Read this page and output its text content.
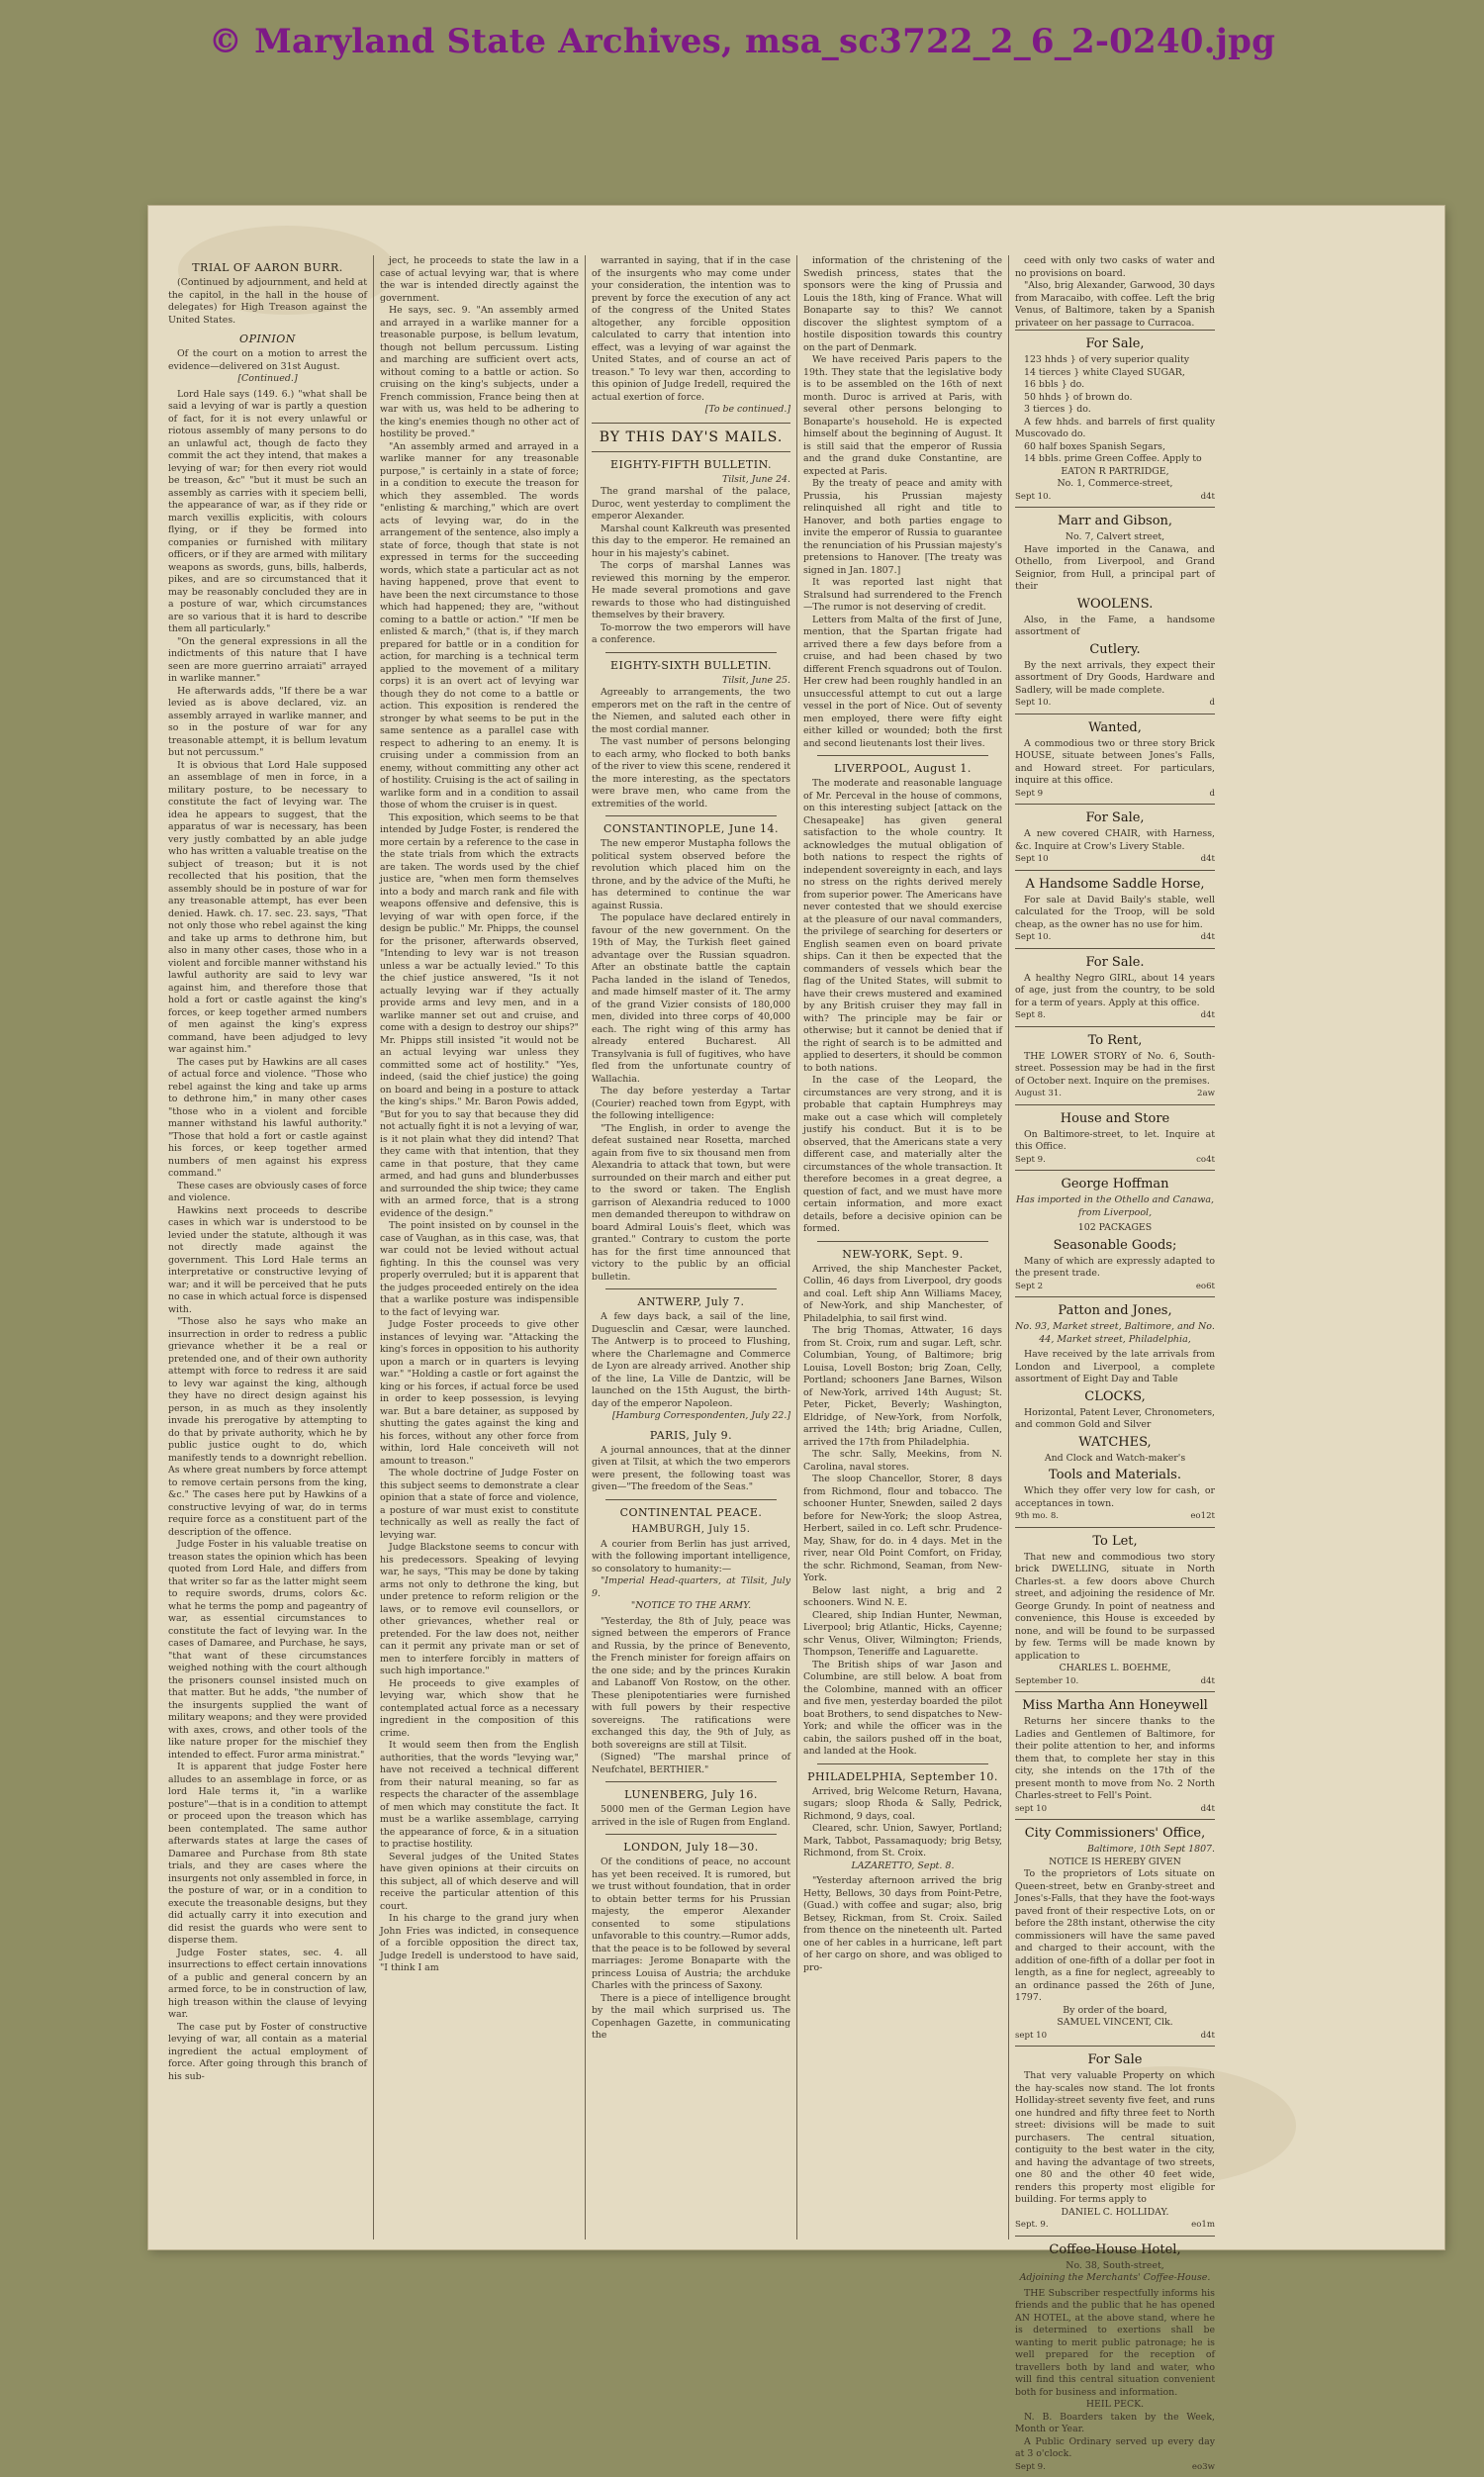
© Maryland State Archives, msa_sc3722_2_6_2-0240.jpg

TRIAL OF AARON BURR.

(Continued by adjournment, and held at the capitol, in the hall in the house of delegates) for High Treason against the United States.

OPINION

Of the court on a motion to arrest the evidence—delivered on 31st August.

[Continued.]

Lord Hale says (149. 6.) "what shall be said a levying of war is partly a question of fact, for it is not every unlawful or riotous assembly of many persons to do an unlawful act, though de facto they commit the act they intend, that makes a levying of war; for then every riot would be treason, &c" "but it must be such an assembly as carries with it speciem belli, the appearance of war, as if they ride or march vexillis explicitis, with colours flying, or if they be formed into companies or furnished with military officers, or if they are armed with military weapons as swords, guns, bills, halberds, pikes, and are so circumstanced that it may be reasonably concluded they are in a posture of war, which circumstances are so various that it is hard to describe them all particularly."

"On the general expressions in all the indictments of this nature that I have seen are more guerrino arraiati" arrayed in warlike manner."

He afterwards adds, "If there be a war levied as is above declared, viz. an assembly arrayed in warlike manner, and so in the posture of war for any treasonable attempt, it is bellum levatum but not percussum."

It is obvious that Lord Hale supposed an assemblage of men in force, in a military posture, to be necessary to constitute the fact of levying war. The idea he appears to suggest, that the apparatus of war is necessary, has been very justly combatted by an able judge who has written a valuable treatise on the subject of treason; but it is not recollected that his position, that the assembly should be in posture of war for any treasonable attempt, has ever been denied. Hawk. ch. 17. sec. 23. says, "That not only those who rebel against the king and take up arms to dethrone him, but also in many other cases, those who in a violent and forcible manner withstand his lawful authority are said to levy war against him, and therefore those that hold a fort or castle against the king's forces, or keep together armed numbers of men against the king's express command, have been adjudged to levy war against him."

The cases put by Hawkins are all cases of actual force and violence. "Those who rebel against the king and take up arms to dethrone him," in many other cases "those who in a violent and forcible manner withstand his lawful authority." "Those that hold a fort or castle against his forces, or keep together armed numbers of men against his express command."

These cases are obviously cases of force and violence.

Hawkins next proceeds to describe cases in which war is understood to be levied under the statute, although it was not directly made against the government. This Lord Hale terms an interpretative or constructive levying of war; and it will be perceived that he puts no case in which actual force is dispensed with.

"Those also he says who make an insurrection in order to redress a public grievance whether it be a real or pretended one, and of their own authority attempt with force to redress it are said to levy war against the king, although they have no direct design against his person, in as much as they insolently invade his prerogative by attempting to do that by private authority, which he by public justice ought to do, which manifestly tends to a downright rebellion. As where great numbers by force attempt to remove certain persons from the king, &c." The cases here put by Hawkins of a constructive levying of war, do in terms require force as a constituent part of the description of the offence.

Judge Foster in his valuable treatise on treason states the opinion which has been quoted from Lord Hale, and differs from that writer so far as the latter might seem to require swords, drums, colors &c. what he terms the pomp and pageantry of war, as essential circumstances to constitute the fact of levying war. In the cases of Damaree, and Purchase, he says, "that want of these circumstances weighed nothing with the court although the prisoners counsel insisted much on that matter. But he adds, "the number of the insurgents supplied the want of military weapons; and they were provided with axes, crows, and other tools of the like nature proper for the mischief they intended to effect. Furor arma ministrat."

It is apparent that judge Foster here alludes to an assemblage in force, or as lord Hale terms it, "in a warlike posture"—that is in a condition to attempt or proceed upon the treason which has been contemplated. The same author afterwards states at large the cases of Damaree and Purchase from 8th state trials, and they are cases where the insurgents not only assembled in force, in the posture of war, or in a condition to execute the treasonable designs, but they did actually carry it into execution and did resist the guards who were sent to disperse them.

Judge Foster states, sec. 4. all insurrections to effect certain innovations of a public and general concern by an armed force, to be in construction of law, high treason within the clause of levying war.

The case put by Foster of constructive levying of war, all contain as a material ingredient the actual employment of force. After going through this branch of his sub-

ject, he proceeds to state the law in a case of actual levying war, that is where the war is intended directly against the government.

He says, sec. 9. "An assembly armed and arrayed in a warlike manner for a treasonable purpose, is bellum levatum, though not bellum percussum. Listing and marching are sufficient overt acts, without coming to a battle or action. So cruising on the king's subjects, under a French commission, France being then at war with us, was held to be adhering to the king's enemies though no other act of hostility be proved."

"An assembly armed and arrayed in a warlike manner for any treasonable purpose," is certainly in a state of force; in a condition to execute the treason for which they assembled. The words "enlisting & marching," which are overt acts of levying war, do in the arrangement of the sentence, also imply a state of force, though that state is not expressed in terms for the succeeding words, which state a particular act as not having happened, prove that event to have been the next circumstance to those which had happened; they are, "without coming to a battle or action." "If men be enlisted & march," (that is, if they march prepared for battle or in a condition for action, for marching is a technical term applied to the movement of a military corps) it is an overt act of levying war though they do not come to a battle or action. This exposition is rendered the stronger by what seems to be put in the same sentence as a parallel case with respect to adhering to an enemy. It is cruising under a commission from an enemy, without committing any other act of hostility. Cruising is the act of sailing in warlike form and in a condition to assail those of whom the cruiser is in quest.

This exposition, which seems to be that intended by Judge Foster, is rendered the more certain by a reference to the case in the state trials from which the extracts are taken. The words used by the chief justice are, "when men form themselves into a body and march rank and file with weapons offensive and defensive, this is levying of war with open force, if the design be public." Mr. Phipps, the counsel for the prisoner, afterwards observed, "Intending to levy war is not treason unless a war be actually levied." To this the chief justice answered, "Is it not actually levying war if they actually provide arms and levy men, and in a warlike manner set out and cruise, and come with a design to destroy our ships?" Mr. Phipps still insisted "it would not be an actual levying war unless they committed some act of hostility." "Yes, indeed, (said the chief justice) the going on board and being in a posture to attack the king's ships." Mr. Baron Powis added, "But for you to say that because they did not actually fight it is not a levying of war, is it not plain what they did intend? That they came with that intention, that they came in that posture, that they came armed, and had guns and blunderbusses and surrounded the ship twice; they came with an armed force, that is a strong evidence of the design."

The point insisted on by counsel in the case of Vaughan, as in this case, was, that war could not be levied without actual fighting. In this the counsel was very properly overruled; but it is apparent that the judges proceeded entirely on the idea that a warlike posture was indispensible to the fact of levying war.

Judge Foster proceeds to give other instances of levying war. "Attacking the king's forces in opposition to his authority upon a march or in quarters is levying war." "Holding a castle or fort against the king or his forces, if actual force be used in order to keep possession, is levying war. But a bare detainer, as supposed by shutting the gates against the king and his forces, without any other force from within, lord Hale conceiveth will not amount to treason."

The whole doctrine of Judge Foster on this subject seems to demonstrate a clear opinion that a state of force and violence, a posture of war must exist to constitute technically as well as really the fact of levying war.

Judge Blackstone seems to concur with his predecessors. Speaking of levying war, he says, "This may be done by taking arms not only to dethrone the king, but under pretence to reform religion or the laws, or to remove evil counsellors, or other grievances, whether real or pretended. For the law does not, neither can it permit any private man or set of men to interfere forcibly in matters of such high importance."

He proceeds to give examples of levying war, which show that he contemplated actual force as a necessary ingredient in the composition of this crime.

It would seem then from the English authorities, that the words "levying war," have not received a technical different from their natural meaning, so far as respects the character of the assemblage of men which may constitute the fact. It must be a warlike assemblage, carrying the appearance of force, & in a situation to practise hostility.

Several judges of the United States have given opinions at their circuits on this subject, all of which deserve and will receive the particular attention of this court.

In his charge to the grand jury when John Fries was indicted, in consequence of a forcible opposition the direct tax, Judge Iredell is understood to have said, "I think I am

warranted in saying, that if in the case of the insurgents who may come under your consideration, the intention was to prevent by force the execution of any act of the congress of the United States altogether, any forcible opposition calculated to carry that intention into effect, was a levying of war against the United States, and of course an act of treason." To levy war then, according to this opinion of Judge Iredell, required the actual exertion of force.

[To be continued.]

BY THIS DAY'S MAILS.

EIGHTY-FIFTH BULLETIN.

Tilsit, June 24.

The grand marshal of the palace, Duroc, went yesterday to compliment the emperor Alexander.

Marshal count Kalkreuth was presented this day to the emperor. He remained an hour in his majesty's cabinet.

The corps of marshal Lannes was reviewed this morning by the emperor. He made several promotions and gave rewards to those who had distinguished themselves by their bravery.

To-morrow the two emperors will have a conference.

EIGHTY-SIXTH BULLETIN.

Tilsit, June 25.

Agreeably to arrangements, the two emperors met on the raft in the centre of the Niemen, and saluted each other in the most cordial manner.

The vast number of persons belonging to each army, who flocked to both banks of the river to view this scene, rendered it the more interesting, as the spectators were brave men, who came from the extremities of the world.

CONSTANTINOPLE, June 14.

The new emperor Mustapha follows the political system observed before the revolution which placed him on the throne, and by the advice of the Mufti, he has determined to continue the war against Russia.

The populace have declared entirely in favour of the new government. On the 19th of May, the Turkish fleet gained advantage over the Russian squadron. After an obstinate battle the captain Pacha landed in the island of Tenedos, and made himself master of it. The army of the grand Vizier consists of 180,000 men, divided into three corps of 40,000 each. The right wing of this army has already entered Bucharest. All Transylvania is full of fugitives, who have fled from the unfortunate country of Wallachia.

The day before yesterday a Tartar (Courier) reached town from Egypt, with the following intelligence:

"The English, in order to avenge the defeat sustained near Rosetta, marched again from five to six thousand men from Alexandria to attack that town, but were surrounded on their march and either put to the sword or taken. The English garrison of Alexandria reduced to 1000 men demanded thereupon to withdraw on board Admiral Louis's fleet, which was granted." Contrary to custom the porte has for the first time announced that victory to the public by an official bulletin.

ANTWERP, July 7.

A few days back, a sail of the line, Duguesclin and Cæsar, were launched. The Antwerp is to proceed to Flushing, where the Charlemagne and Commerce de Lyon are already arrived. Another ship of the line, La Ville de Dantzic, will be launched on the 15th August, the birth-day of the emperor Napoleon.

[Hamburg Correspondenten, July 22.]

PARIS, July 9.

A journal announces, that at the dinner given at Tilsit, at which the two emperors were present, the following toast was given—"The freedom of the Seas."

CONTINENTAL PEACE.

HAMBURGH, July 15.

A courier from Berlin has just arrived, with the following important intelligence, so consolatory to humanity:—

"Imperial Head-quarters, at Tilsit, July 9.

"NOTICE TO THE ARMY.

"Yesterday, the 8th of July, peace was signed between the emperors of France and Russia, by the prince of Benevento, the French minister for foreign affairs on the one side; and by the princes Kurakin and Labanoff Von Rostow, on the other. These plenipotentiaries were furnished with full powers by their respective sovereigns. The ratifications were exchanged this day, the 9th of July, as both sovereigns are still at Tilsit.

(Signed) "The marshal prince of Neufchatel, BERTHIER."

LUNENBERG, July 16.

5000 men of the German Legion have arrived in the isle of Rugen from England.

LONDON, July 18—30.

Of the conditions of peace, no account has yet been received. It is rumored, but we trust without foundation, that in order to obtain better terms for his Prussian majesty, the emperor Alexander consented to some stipulations unfavorable to this country.—Rumor adds, that the peace is to be followed by several marriages: Jerome Bonaparte with the princess Louisa of Austria; the archduke Charles with the princess of Saxony.

There is a piece of intelligence brought by the mail which surprised us. The Copenhagen Gazette, in communicating the

information of the christening of the Swedish princess, states that the sponsors were the king of Prussia and Louis the 18th, king of France. What will Bonaparte say to this? We cannot discover the slightest symptom of a hostile disposition towards this country on the part of Denmark.

We have received Paris papers to the 19th. They state that the legislative body is to be assembled on the 16th of next month. Duroc is arrived at Paris, with several other persons belonging to Bonaparte's household. He is expected himself about the beginning of August. It is still said that the emperor of Russia and the grand duke Constantine, are expected at Paris.

By the treaty of peace and amity with Prussia, his Prussian majesty relinquished all right and title to Hanover, and both parties engage to invite the emperor of Russia to guarantee the renunciation of his Prussian majesty's pretensions to Hanover. [The treaty was signed in Jan. 1807.]

It was reported last night that Stralsund had surrendered to the French—The rumor is not deserving of credit.

Letters from Malta of the first of June, mention, that the Spartan frigate had arrived there a few days before from a cruise, and had been chased by two different French squadrons out of Toulon. Her crew had been roughly handled in an unsuccessful attempt to cut out a large vessel in the port of Nice. Out of seventy men employed, there were fifty eight either killed or wounded; both the first and second lieutenants lost their lives.

LIVERPOOL, August 1.

The moderate and reasonable language of Mr. Perceval in the house of commons, on this interesting subject [attack on the Chesapeake] has given general satisfaction to the whole country. It acknowledges the mutual obligation of both nations to respect the rights of independent sovereignty in each, and lays no stress on the rights derived merely from superior power. The Americans have never contested that we should exercise at the pleasure of our naval commanders, the privilege of searching for deserters or English seamen even on board private ships. Can it then be expected that the commanders of vessels which bear the flag of the United States, will submit to have their crews mustered and examined by any British cruiser they may fall in with? The principle may be fair or otherwise; but it cannot be denied that if the right of search is to be admitted and applied to deserters, it should be common to both nations.

In the case of the Leopard, the circumstances are very strong, and it is probable that captain Humphreys may make out a case which will completely justify his conduct. But it is to be observed, that the Americans state a very different case, and materially alter the circumstances of the whole transaction. It therefore becomes in a great degree, a question of fact, and we must have more certain information, and more exact details, before a decisive opinion can be formed.

NEW-YORK, Sept. 9.

Arrived, the ship Manchester Packet, Collin, 46 days from Liverpool, dry goods and coal. Left ship Ann Williams Macey, of New-York, and ship Manchester, of Philadelphia, to sail first wind.

The brig Thomas, Attwater, 16 days from St. Croix, rum and sugar. Left, schr. Columbian, Young, of Baltimore; brig Louisa, Lovell Boston; brig Zoan, Celly, Portland; schooners Jane Barnes, Wilson of New-York, arrived 14th August; St. Peter, Picket, Beverly; Washington, Eldridge, of New-York, from Norfolk, arrived the 14th; brig Ariadne, Cullen, arrived the 17th from Philadelphia.

The schr. Sally, Meekins, from N. Carolina, naval stores.

The sloop Chancellor, Storer, 8 days from Richmond, flour and tobacco. The schooner Hunter, Snewden, sailed 2 days before for New-York; the sloop Astrea, Herbert, sailed in co. Left schr. Prudence-May, Shaw, for do. in 4 days. Met in the river, near Old Point Comfort, on Friday, the schr. Richmond, Seaman, from New-York.

Below last night, a brig and 2 schooners. Wind N. E.

Cleared, ship Indian Hunter, Newman, Liverpool; brig Atlantic, Hicks, Cayenne; schr Venus, Oliver, Wilmington; Friends, Thompson, Teneriffe and Laguarette.

The British ships of war Jason and Columbine, are still below. A boat from the Colombine, manned with an officer and five men, yesterday boarded the pilot boat Brothers, to send dispatches to New-York; and while the officer was in the cabin, the sailors pushed off in the boat, and landed at the Hook.

PHILADELPHIA, September 10.

Arrived, brig Welcome Return, Havana, sugars; sloop Rhoda & Sally, Pedrick, Richmond, 9 days, coal.

Cleared, schr. Union, Sawyer, Portland; Mark, Tabbot, Passamaquody; brig Betsy, Richmond, from St. Croix.

LAZARETTO, Sept. 8.

"Yesterday afternoon arrived the brig Hetty, Bellows, 30 days from Point-Petre, (Guad.) with coffee and sugar; also, brig Betsey, Rickman, from St. Croix. Sailed from thence on the nineteenth ult. Parted one of her cables in a hurricane, left part of her cargo on shore, and was obliged to pro-

ceed with only two casks of water and no provisions on board.

"Also, brig Alexander, Garwood, 30 days from Maracaibo, with coffee. Left the brig Venus, of Baltimore, taken by a Spanish privateer on her passage to Curracoa.

For Sale,

123 hhds } of very superior quality

14 tierces } white Clayed SUGAR,

16 bbls } do.

50 hhds } of brown do.

3 tierces } do.

A few hhds. and barrels of first quality Muscovado do.

60 half boxes Spanish Segars,

14 bbls. prime Green Coffee. Apply to

EATON R PARTRIDGE,

No. 1, Commerce-street,

Sept 10.	d4t

Marr and Gibson,

No. 7, Calvert street,

Have imported in the Canawa, and Othello, from Liverpool, and Grand Seignior, from Hull, a principal part of their

WOOLENS.

Also, in the Fame, a handsome assortment of

Cutlery.

By the next arrivals, they expect their assortment of Dry Goods, Hardware and Sadlery, will be made complete.

Sept 10.	d

Wanted,

A commodious two or three story Brick HOUSE, situate between Jones's Falls, and Howard street. For particulars, inquire at this office.

Sept 9	d

For Sale,

A new covered CHAIR, with Harness, &c. Inquire at Crow's Livery Stable.

Sept 10	d4t

A Handsome Saddle Horse,

For sale at David Baily's stable, well calculated for the Troop, will be sold cheap, as the owner has no use for him.

Sept 10.	d4t

For Sale.

A healthy Negro GIRL, about 14 years of age, just from the country, to be sold for a term of years. Apply at this office.

Sept 8.	d4t

To Rent,

THE LOWER STORY of No. 6, South-street. Possession may be had in the first of October next. Inquire on the premises.

August 31.	2aw

House and Store

On Baltimore-street, to let. Inquire at this Office.

Sept 9.	co4t

George Hoffman

Has imported in the Othello and Canawa, from Liverpool,

102 PACKAGES

Seasonable Goods;

Many of which are expressly adapted to the present trade.

Sept 2	eo6t

Patton and Jones,

No. 93, Market street, Baltimore, and No. 44, Market street, Philadelphia,

Have received by the late arrivals from London and Liverpool, a complete assortment of Eight Day and Table

CLOCKS,

Horizontal, Patent Lever, Chronometers, and common Gold and Silver

WATCHES,

And Clock and Watch-maker's

Tools and Materials.

Which they offer very low for cash, or acceptances in town.

9th mo. 8.	eo12t

To Let,

That new and commodious two story brick DWELLING, situate in North Charles-st. a few doors above Church street, and adjoining the residence of Mr. George Grundy. In point of neatness and convenience, this House is exceeded by none, and will be found to be surpassed by few. Terms will be made known by application to

CHARLES L. BOEHME,

September 10.	d4t

Miss Martha Ann Honeywell

Returns her sincere thanks to the Ladies and Gentlemen of Baltimore, for their polite attention to her, and informs them that, to complete her stay in this city, she intends on the 17th of the present month to move from No. 2 North Charles-street to Fell's Point.

sept 10	d4t

City Commissioners' Office,

Baltimore, 10th Sept 1807.

NOTICE IS HEREBY GIVEN

To the proprietors of Lots situate on Queen-street, betw en Granby-street and Jones's-Falls, that they have the foot-ways paved front of their respective Lots, on or before the 28th instant, otherwise the city commissioners will have the same paved and charged to their account, with the addition of one-fifth of a dollar per foot in length, as a fine for neglect, agreeably to an ordinance passed the 26th of June, 1797.

By order of the board,

SAMUEL VINCENT, Clk.

sept 10	d4t

For Sale

That very valuable Property on which the hay-scales now stand. The lot fronts Holliday-street seventy five feet, and runs one hundred and fifty three feet to North street: divisions will be made to suit purchasers. The central situation, contiguity to the best water in the city, and having the advantage of two streets, one 80 and the other 40 feet wide, renders this property most eligible for building. For terms apply to

DANIEL C. HOLLIDAY.

Sept. 9.	eo1m

Coffee-House Hotel,

No. 38, South-street,

Adjoining the Merchants' Coffee-House.

THE Subscriber respectfully informs his friends and the public that he has opened AN HOTEL, at the above stand, where he is determined to exertions shall be wanting to merit public patronage; he is well prepared for the reception of travellers both by land and water, who will find this central situation convenient both for business and information.

HEIL PECK.

N. B. Boarders taken by the Week, Month or Year.

A Public Ordinary served up every day at 3 o'clock.

Sept 9.	eo3w
